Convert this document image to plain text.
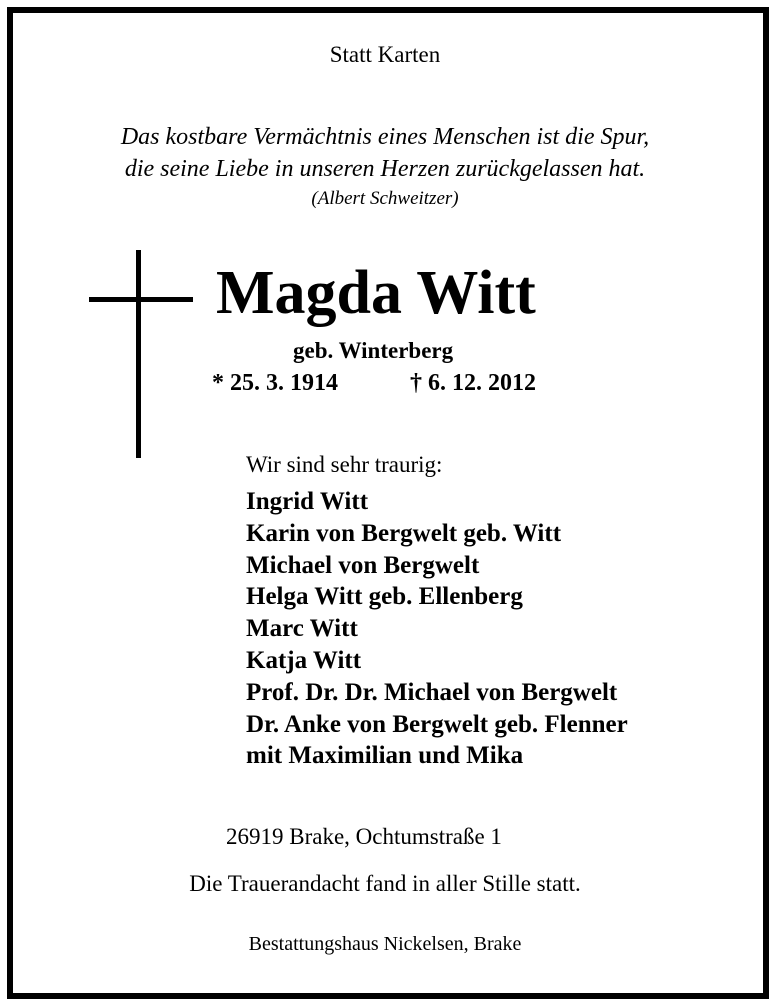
Statt Karten
Das kostbare Vermächtnis eines Menschen ist die Spur,
die seine Liebe in unseren Herzen zurückgelassen hat.
(Albert Schweitzer)
Magda Witt
geb. Winterberg
* 25. 3. 1914	† 6. 12. 2012
Wir sind sehr traurig:
Ingrid Witt
Karin von Bergwelt geb. Witt
Michael von Bergwelt
Helga Witt geb. Ellenberg
Marc Witt
Katja Witt
Prof. Dr. Dr. Michael von Bergwelt
Dr. Anke von Bergwelt geb. Flenner
mit Maximilian und Mika
26919 Brake, Ochtumstraße 1
Die Trauerandacht fand in aller Stille statt.
Bestattungshaus Nickelsen, Brake
